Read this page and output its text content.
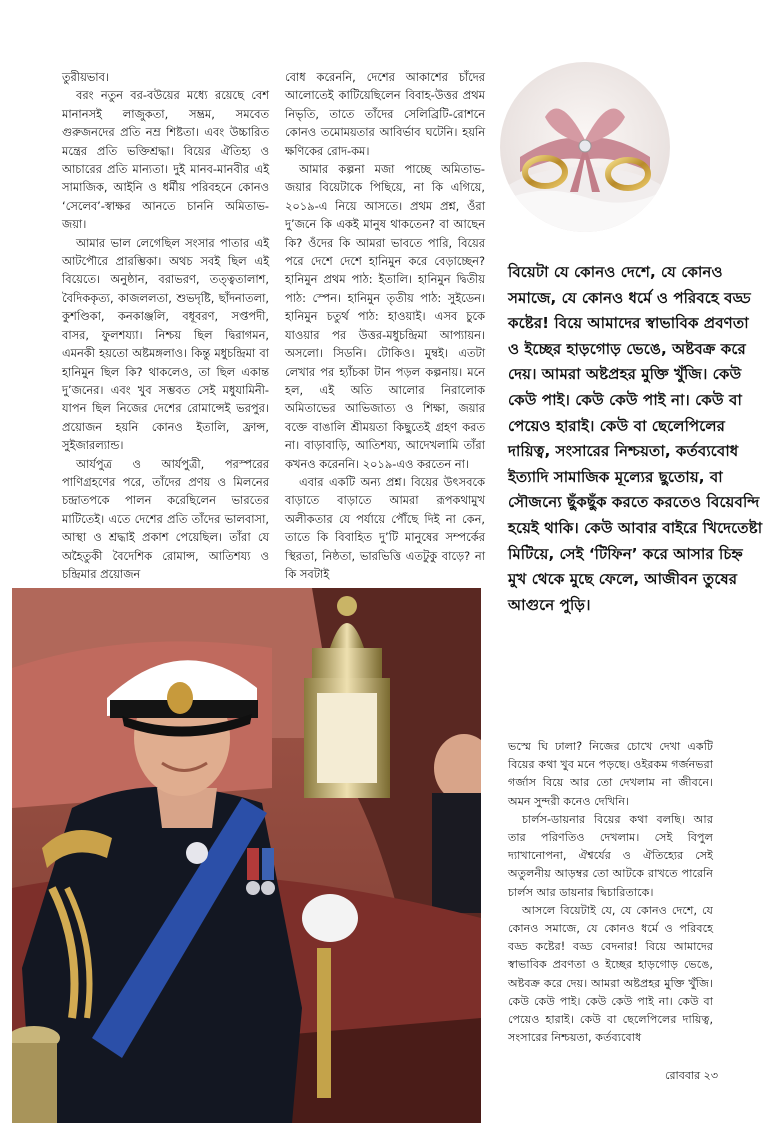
তুরীয়ভাব।

বরং নতুন বর-বউয়ের মধ্যে রয়েছে বেশ মানানসই লাজুকতা, সম্ভ্রম, সমবেত গুরুজনদের প্রতি নম্র শিষ্টতা। এবং উচ্চারিত মন্ত্রের প্রতি ভক্তিশ্রদ্ধা। বিয়ের ঐতিহ্য ও আচারের প্রতি মান্যতা। দুই মানব-মানবীর এই সামাজিক, আইনি ও ধর্মীয় পরিবহনে কোনও ‘সেলেব’-স্বাক্ষর আনতে চাননি অমিতাভ-জয়া।

আমার ভাল লেগেছিল সংসার পাতার এই আটপৌরে প্রারম্ভিকা। অথচ সবই ছিল এই বিয়েতে। অনুষ্ঠান, বরাভরণ, তত্ত্বতালাশ, বৈদিককৃত্য, কাজললতা, শুভদৃষ্টি, ছাঁদনাতলা, কুশণ্ডিকা, কনকাঞ্জলি, বধূবরণ, সপ্তপদী, বাসর, ফুলশয্যা। নিশ্চয় ছিল দ্বিরাগমন, এমনকী হয়তো অষ্টমঙ্গলাও। কিন্তু মধুচন্দ্রিমা বা হানিমুন ছিল কি? থাকলেও, তা ছিল একান্ত দু’জনের। এবং খুব সম্ভবত সেই মধুযামিনী-যাপন ছিল নিজের দেশের রোমান্সেই ভরপুর। প্রয়োজন হয়নি কোনও ইতালি, ফ্রান্স, সুইজারল্যান্ড।

আর্যপুত্র ও আর্যপুত্রী, পরস্পরের পাণিগ্রহণের পরে, তাঁদের প্রণয় ও মিলনের চন্দ্রাতপকে পালন করেছিলেন ভারতের মাটিতেই। এতে দেশের প্রতি তাঁদের ভালবাসা, আস্থা ও শ্রদ্ধাই প্রকাশ পেয়েছিল। তাঁরা যে অহৈতুকী বৈদেশিক রোমান্স, আতিশয্য ও চন্দ্রিমার প্রয়োজন

বোধ করেননি, দেশের আকাশের চাঁদের আলোতেই কাটিয়েছিলেন বিবাহ-উত্তর প্রথম নিভৃতি, তাতে তাঁদের সেলিব্রিটি-রোশনে কোনও তমোময়তার আবির্ভাব ঘটেনি। হয়নি ক্ষণিকের রোদ-কম।

আমার কল্পনা মজা পাচ্ছে অমিতাভ-জয়ার বিয়েটাকে পিছিয়ে, না কি এগিয়ে, ২০১৯-এ নিয়ে আসতে। প্রথম প্রশ্ন, ওঁরা দু’জনে কি একই মানুষ থাকতেন? বা আছেন কি? ওঁদের কি আমরা ভাবতে পারি, বিয়ের পরে দেশে দেশে হানিমুন করে বেড়াচ্ছেন? হানিমুন প্রথম পাঠ: ইতালি। হানিমুন দ্বিতীয় পাঠ: স্পেন। হানিমুন তৃতীয় পাঠ: সুইডেন। হানিমুন চতুর্থ পাঠ: হাওয়াই। এসব চুকে যাওয়ার পর উত্তর-মধুচন্দ্রিমা আপ্যায়ন। অসলো। সিডনি। টোকিও। মুম্বই। এতটা লেখার পর হ্যাঁচকা টান পড়ল কল্পনায়। মনে হল, এই অতি আলোর নিরালোক অমিতাভের আভিজাত্য ও শিক্ষা, জয়ার বক্তে বাঙালি শ্রীময়তা কিছুতেই গ্রহণ করত না। বাড়াবাড়ি, আতিশয্য, আদেখলামি তাঁরা কখনও করেননি। ২০১৯-এও করতেন না।

এবার একটি অন্য প্রশ্ন। বিয়ের উৎসবকে বাড়াতে বাড়াতে আমরা রূপকথামুখ অলীকতার যে পর্যায়ে পৌঁছে দিই না কেন, তাতে কি বিবাহিত দু’টি মানুষের সম্পর্কের স্থিরতা, নিষ্ঠতা, ভারভিত্তি এতটুকু বাড়ে? না কি সবটাই

বিয়েটা যে কোনও দেশে, যে কোনও সমাজে, যে কোনও ধর্মে ও পরিবহে বড্ড কষ্টের! বিয়ে আমাদের স্বাভাবিক প্রবণতা ও ইচ্ছের হাড়গোড় ভেঙে, অষ্টবক্র করে দেয়। আমরা অষ্টপ্রহর মুক্তি খুঁজি। কেউ কেউ পাই। কেউ কেউ পাই না। কেউ বা পেয়েও হারাই। কেউ বা ছেলেপিলের দায়িত্ব, সংসারের নিশ্চয়তা, কর্তব্যবোধ ইত্যাদি সামাজিক মূল্যের ছুতোয়, বা সৌজন্যে ছুঁকছুঁক করতে করতেও বিয়েবন্দি হয়েই থাকি। কেউ আবার বাইরে খিদেতেষ্টা মিটিয়ে, সেই ‘টিফিন’ করে আসার চিহ্ন মুখ থেকে মুছে ফেলে, আজীবন তুষের আগুনে পুড়ি।

ভস্মে ঘি ঢালা? নিজের চোখে দেখা একটি বিয়ের কথা খুব মনে পড়ছে। ওইরকম গর্জনভরা গর্জাস বিয়ে আর তো দেখলাম না জীবনে। অমন সুন্দরী কনেও দেখিনি।

চার্লস-ডায়নার বিয়ের কথা বলছি। আর তার পরিণতিও দেখলাম। সেই বিপুল দ্যাখানোপনা, ঐশ্বর্যের ও ঐতিহ্যের সেই অতুলনীয় আড়ম্বর তো আটকে রাখতে পারেনি চার্লস আর ডায়নার দ্বিচারিতাকে।

আসলে বিয়েটাই যে, যে কোনও দেশে, যে কোনও সমাজে, যে কোনও ধর্মে ও পরিবহে বড্ড কষ্টের! বড্ড বেদনার! বিয়ে আমাদের স্বাভাবিক প্রবণতা ও ইচ্ছের হাড়গোড় ভেঙে, অষ্টবক্র করে দেয়। আমরা অষ্টপ্রহর মুক্তি খুঁজি। কেউ কেউ পাই। কেউ কেউ পাই না। কেউ বা পেয়েও হারাই। কেউ বা ছেলেপিলের দায়িত্ব, সংসারের নিশ্চয়তা, কর্তব্যবোধ

রোববার ২৩
